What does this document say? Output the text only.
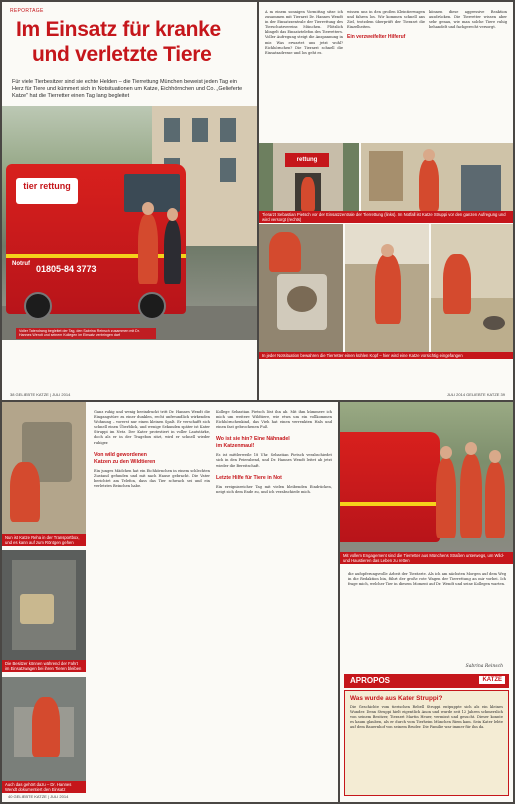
REPORTAGE
Im Einsatz für kranke
und verletzte Tiere
Für viele Tierbesitzer sind sie echte Helden – die Tierrettung München beweist jeden Tag ein Herz für Tiere und kümmert sich in Notsituationen um Katze, Eichhörnchen und Co. „Gelieferte Katze" hat die Tierretter einen Tag lang begleitet
tier rettung
Notruf 01805-84 3773
Voller Tatendrang begleitet der Tag, den Sabrina Reinsch zusammen mit Dr. Hannes Wendt und seinem Kollegen im Einsatz verbringen darf
38 GELIEBTE KATZE | JULI 2014
A m einem sonnigen Vormittag sitze ich zusammen mit Tierarzt Dr. Hannes Wendt in der Einsatzzentrale der Tierrettung des Tierschutzvereins München. Plötzlich klingelt das Einsatztelefon des Tierretters. Voller Aufregung steigt die Anspannung in mir. Was erwartet uns jetzt wohl? Eichhörnchen? Die Tierarzt schnell die Einsatzadresse und los geht es.
wissen uns in den großen Kleintierwagen und fahren los. Wir kommen schnell ans Ziel, trotzdem überprüft der Tierarzt die Einzelheiten.
Ein verzweifelter Hilferuf
können diese aggressive Reaktion ausdrücken. Die Tierretter wissen aber sehr genau, wie man solche Tiere ruhig behandelt und fachgerecht versorgt.
rettung
Tierarzt Sebastian Pietsch vor der Einsatzzentrale der Tierrettung (links). Im Notfall ist Katze Struppi vor den ganzen Aufregung und wird versorgt (rechts)
In jeder Notsituation bewahren die Tierretter einen kühlen Kopf – hier wird eine Katze vorsichtig eingefangen
JULI 2014 GELIEBTE KATZE 39
Nun ist Katze Reha in der Transportbox, und es kann auf zum Röntgen gehen
Die Besitzer können während der Fahrt im Einsatzwagen bei ihren Tieren bleiben
Auch das gehört dazu – Dr. Hannes Wendt dokumentiert den Einsatz
Ganz ruhig und wenig beeindruckt tritt Dr. Hannes Wendt die Eingangstüre zu einer dunklen, recht unfreundlich wirkenden Wohnung – vorerst nur einen kleinen Spalt. Er verschafft sich schnell einen Überblick, und wenige Sekunden später ist Kater Struppi im Netz. Der Kater protestiert in voller Lautstärke, doch als er in der Tragebox sitzt, wird er schnell wieder ruhiger.
Von wild gewordenen
Katzen zu den Wildtieren
Ein junges Mädchen hat ein Eichhörnchen in einem schlechten Zustand gefunden und mit nach Hause gebracht. Die Vater berichtet am Telefon, dass das Tier schwach sei und ein verletztes Beinchen habe.
Kollege Sebastian Pietsch löst ihn ab. Mit ihm kümmere ich mich um weitere Wildtiere, wie etwa um ein vollkommen Eichhörnchenkind, das Vieh hat einen verrenkten Hals und einen fast gebrochenen Fuß.
Wo ist sie hin? Eine Nähnadel
im Katzenmaul!
Es ist mittlerweile 18 Uhr. Sebastian Pietsch verabschiedet sich in den Feierabend, und Dr. Hannes Wendt leitet ab jetzt wieder die Bereitschaft.
Letzte Hilfe für Tiere in Not
Ein ereignisreicher Tag mit vielen bleibenden Eindrücken, neigt sich dem Ende zu, und ich verabschiede mich.
40 GELIEBTE KATZE | JULI 2014
Mit vollem Engagement sind die Tierretter aus Münchens Straßen unterwegs, um Wild- und Haustieren das Leben zu retten
die aufopferungsvolle Arbeit der Tierärzte. Als ich am nächsten Morgen auf dem Weg in die Redaktion bin, führt der große rote Wagen der Tierrettung an mir vorbei. Ich frage mich, welcher Tier in diesem Moment auf Dr. Wendt und seine Kollegen warten.
Sabrina Reinsch
APROPOS	KATZE
Was wurde aus Kater Struppi?
Die Geschichte vom tierischen Rebell Struppi entpuppte sich als ein kleines Wunder. Denn Struppi hielt eigentlich Anon und wurde seit 12 Jahren schmerzlich von seinem Besitzer, Tierarzt Martin Heuer, vermisst und gesucht. Dieser konnte es kaum glauben, als er durch vom Tierheim München Riem kam. Sein Kater lebte auf dem Bauernhof von seinem Bruder. Die Familie war immer für ihn da.
